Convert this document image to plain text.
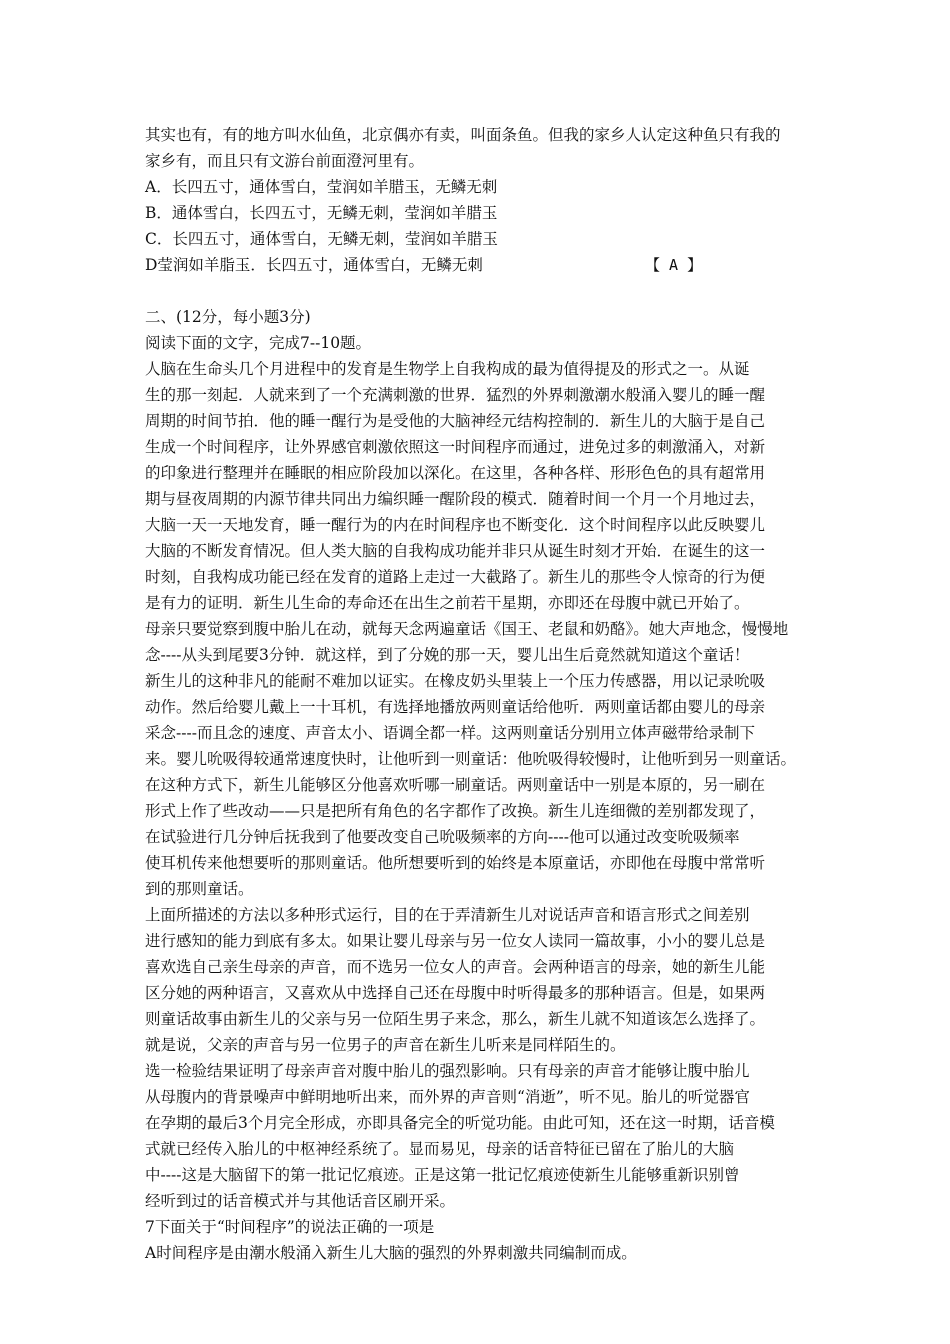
其实也有，有的地方叫水仙鱼，北京偶亦有卖，叫面条鱼。但我的家乡人认定这种鱼只有我的
家乡有，而且只有文游台前面澄河里有。
A．长四五寸，通体雪白，莹润如羊腊玉，无鳞无刺
B．通体雪白，长四五寸，无鳞无刺，莹润如羊腊玉
C．长四五寸，通体雪白，无鳞无刺，莹润如羊腊玉
D莹润如羊脂玉．长四五寸，通体雪白，无鳞无刺	【 A 】
二、(12分，每小题3分)
阅读下面的文字，完成7--10题。
人脑在生命头几个月进程中的发育是生物学上自我构成的最为值得提及的形式之一。从诞
生的那一刻起．人就来到了一个充满刺激的世界．猛烈的外界刺激潮水般涌入婴儿的睡一醒
周期的时间节拍．他的睡一醒行为是受他的大脑神经元结构控制的．新生儿的大脑于是自己
生成一个时间程序，让外界感官刺激依照这一时间程序而通过，进免过多的刺激涌入，对新
的印象进行整理并在睡眠的相应阶段加以深化。在这里，各种各样、形形色色的具有超常用
期与昼夜周期的内源节律共同出力编织睡一醒阶段的模式．随着时间一个月一个月地过去，
大脑一天一天地发育，睡一醒行为的内在时间程序也不断变化．这个时间程序以此反映婴儿
大脑的不断发育情况。但人类大脑的自我构成功能并非只从诞生时刻才开始．在诞生的这一
时刻，自我构成功能已经在发育的道路上走过一大截路了。新生儿的那些令人惊奇的行为便
是有力的证明．新生儿生命的寿命还在出生之前若干星期，亦即还在母腹中就已开始了。
母亲只要觉察到腹中胎儿在动，就每天念两遍童话《国王、老鼠和奶酪》。她大声地念，慢慢地
念----从头到尾要3分钟．就这样，到了分娩的那一天，婴儿出生后竟然就知道这个童话！
新生儿的这种非凡的能耐不难加以证实。在橡皮奶头里装上一个压力传感器，用以记录吮吸
动作。然后给婴儿戴上一十耳机，有选择地播放两则童话给他听．两则童话都由婴儿的母亲
采念----而且念的速度、声音太小、语调全都一样。这两则童话分别用立体声磁带给录制下
来。婴儿吮吸得较通常速度快时，让他听到一则童话：他吮吸得较慢时，让他听到另一则童话。
在这种方式下，新生儿能够区分他喜欢听哪一刷童话。两则童话中一别是本原的，另一刷在
形式上作了些改动——只是把所有角色的名字都作了改换。新生儿连细微的差别都发现了，
在试验进行几分钟后抚我到了他要改变自己吮吸频率的方向----他可以通过改变吮吸频率
使耳机传来他想要听的那则童话。他所想要听到的始终是本原童话，亦即他在母腹中常常听
到的那则童话。
上面所描述的方法以多种形式运行，目的在于弄清新生儿对说话声音和语言形式之间差别
进行感知的能力到底有多太。如果让婴儿母亲与另一位女人读同一篇故事，小小的婴儿总是
喜欢选自己亲生母亲的声音，而不选另一位女人的声音。会两种语言的母亲，她的新生儿能
区分她的两种语言，又喜欢从中选择自己还在母腹中时听得最多的那种语言。但是，如果两
则童话故事由新生儿的父亲与另一位陌生男子来念，那么，新生儿就不知道该怎么选择了。
就是说，父亲的声音与另一位男子的声音在新生儿听来是同样陌生的。
选一检验结果证明了母亲声音对腹中胎儿的强烈影响。只有母亲的声音才能够让腹中胎儿
从母腹内的背景噪声中鲜明地听出来，而外界的声音则“消逝”，听不见。胎儿的听觉器官
在孕期的最后3个月完全形成，亦即具备完全的听觉功能。由此可知，还在这一时期，话音模
式就已经传入胎儿的中枢神经系统了。显而易见，母亲的话音特征已留在了胎儿的大脑
中----这是大脑留下的第一批记忆痕迹。正是这第一批记忆痕迹使新生儿能够重新识别曾
经听到过的话音模式并与其他话音区刷开采。
7下面关于“时间程序”的说法正确的一项是
A时间程序是由潮水般涌入新生儿大脑的强烈的外界刺激共同编制而成。
